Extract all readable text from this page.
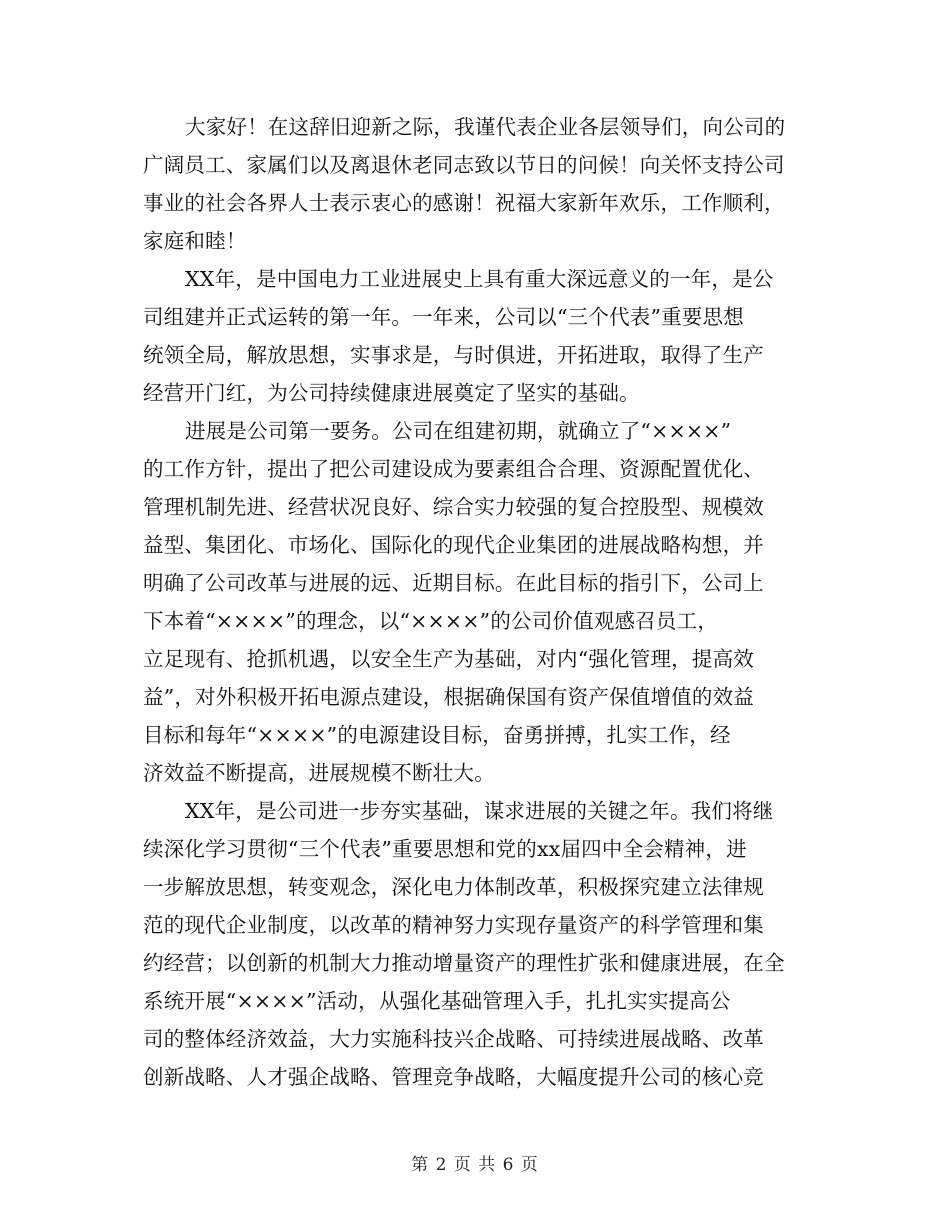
大家好！在这辞旧迎新之际，我谨代表企业各层领导们，向公司的
广阔员工、家属们以及离退休老同志致以节日的问候！向关怀支持公司
事业的社会各界人士表示衷心的感谢！祝福大家新年欢乐，工作顺利，
家庭和睦！

XX年，是中国电力工业进展史上具有重大深远意义的一年，是公
司组建并正式运转的第一年。一年来，公司以“三个代表”重要思想
统领全局，解放思想，实事求是，与时俱进，开拓进取，取得了生产
经营开门红，为公司持续健康进展奠定了坚实的基础。

进展是公司第一要务。公司在组建初期，就确立了“××××”
的工作方针，提出了把公司建设成为要素组合合理、资源配置优化、
管理机制先进、经营状况良好、综合实力较强的复合控股型、规模效
益型、集团化、市场化、国际化的现代企业集团的进展战略构想，并
明确了公司改革与进展的远、近期目标。在此目标的指引下，公司上
下本着“××××”的理念，以“××××”的公司价值观感召员工，
立足现有、抢抓机遇，以安全生产为基础，对内“强化管理，提高效
益”，对外积极开拓电源点建设，根据确保国有资产保值增值的效益
目标和每年“××××”的电源建设目标，奋勇拼搏，扎实工作，经
济效益不断提高，进展规模不断壮大。

XX年，是公司进一步夯实基础，谋求进展的关键之年。我们将继
续深化学习贯彻“三个代表”重要思想和党的xx届四中全会精神，进
一步解放思想，转变观念，深化电力体制改革，积极探究建立法律规
范的现代企业制度，以改革的精神努力实现存量资产的科学管理和集
约经营；以创新的机制大力推动增量资产的理性扩张和健康进展，在全
系统开展“××××”活动，从强化基础管理入手，扎扎实实提高公
司的整体经济效益，大力实施科技兴企战略、可持续进展战略、改革
创新战略、人才强企战略、管理竞争战略，大幅度提升公司的核心竞

第 2 页 共 6 页
